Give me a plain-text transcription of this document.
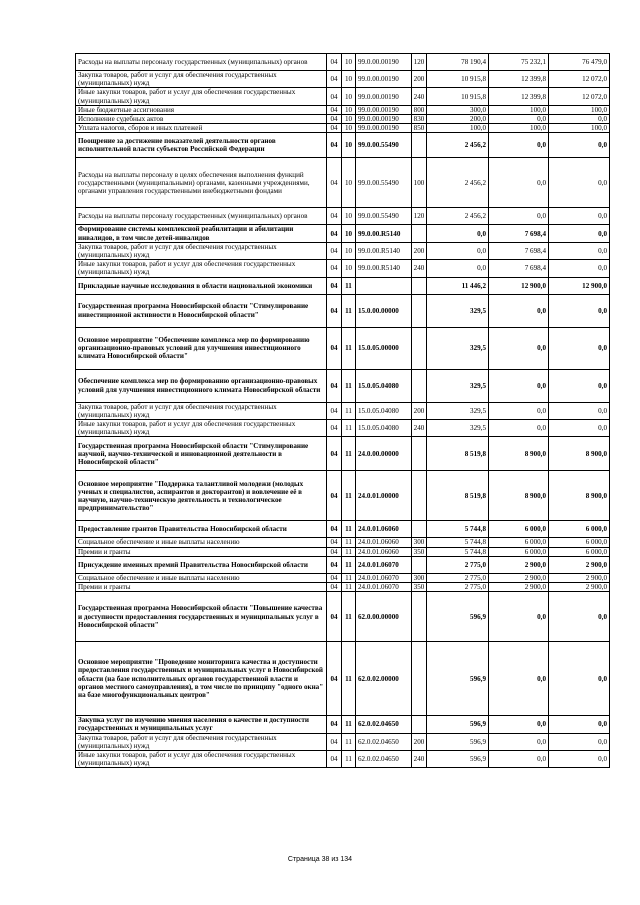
Расходы на выплаты персоналу государственных (муниципальных) органов	04	10	99.0.00.00190	120	78 190,4	75 232,1	76 479,0
Закупка товаров, работ и услуг для обеспечения государственных (муниципальных) нужд	04	10	99.0.00.00190	200	10 915,8	12 399,8	12 072,0
Иные закупки товаров, работ и услуг для обеспечения государственных (муниципальных) нужд	04	10	99.0.00.00190	240	10 915,8	12 399,8	12 072,0
Иные бюджетные ассигнования	04	10	99.0.00.00190	800	300,0	100,0	100,0
Исполнение судебных актов	04	10	99.0.00.00190	830	200,0	0,0	0,0
Уплата налогов, сборов и иных платежей	04	10	99.0.00.00190	850	100,0	100,0	100,0
Поощрение за достижение показателей деятельности органов исполнительной власти субъектов Российской Федерации	04	10	99.0.00.55490		2 456,2	0,0	0,0
Расходы на выплаты персоналу в целях обеспечения выполнения функций государственными (муниципальными) органами, казенными учреждениями, органами управления государственными внебюджетными фондами	04	10	99.0.00.55490	100	2 456,2	0,0	0,0
Расходы на выплаты персоналу государственных (муниципальных) органов	04	10	99.0.00.55490	120	2 456,2	0,0	0,0
Формирование системы комплексной реабилитации и абилитации инвалидов, в том числе детей-инвалидов	04	10	99.0.00.R5140		0,0	7 698,4	0,0
Закупка товаров, работ и услуг для обеспечения государственных (муниципальных) нужд	04	10	99.0.00.R5140	200	0,0	7 698,4	0,0
Иные закупки товаров, работ и услуг для обеспечения государственных (муниципальных) нужд	04	10	99.0.00.R5140	240	0,0	7 698,4	0,0
Прикладные научные исследования в области национальной экономики	04	11			11 446,2	12 900,0	12 900,0
Государственная программа Новосибирской области "Стимулирование инвестиционной активности в Новосибирской области"	04	11	15.0.00.00000		329,5	0,0	0,0
Основное мероприятие "Обеспечение комплекса мер по формированию организационно-правовых условий для улучшения инвестиционного климата Новосибирской области"	04	11	15.0.05.00000		329,5	0,0	0,0
Обеспечение комплекса мер по формированию организационно-правовых условий для улучшения инвестиционного климата Новосибирской области	04	11	15.0.05.04080		329,5	0,0	0,0
Закупка товаров, работ и услуг для обеспечения государственных (муниципальных) нужд	04	11	15.0.05.04080	200	329,5	0,0	0,0
Иные закупки товаров, работ и услуг для обеспечения государственных (муниципальных) нужд	04	11	15.0.05.04080	240	329,5	0,0	0,0
Государственная программа Новосибирской области "Стимулирование научной, научно-технической и инновационной деятельности в Новосибирской области"	04	11	24.0.00.00000		8 519,8	8 900,0	8 900,0
Основное мероприятие "Поддержка талантливой молодежи (молодых ученых и специалистов, аспирантов и докторантов) и вовлечение её в научную, научно-техническую деятельность и технологическое предпринимательство"	04	11	24.0.01.00000		8 519,8	8 900,0	8 900,0
Предоставление грантов Правительства Новосибирской области	04	11	24.0.01.06060		5 744,8	6 000,0	6 000,0
Социальное обеспечение и иные выплаты населению	04	11	24.0.01.06060	300	5 744,8	6 000,0	6 000,0
Премии и гранты	04	11	24.0.01.06060	350	5 744,8	6 000,0	6 000,0
Присуждение именных премий Правительства Новосибирской области	04	11	24.0.01.06070		2 775,0	2 900,0	2 900,0
Социальное обеспечение и иные выплаты населению	04	11	24.0.01.06070	300	2 775,0	2 900,0	2 900,0
Премии и гранты	04	11	24.0.01.06070	350	2 775,0	2 900,0	2 900,0
Государственная программа Новосибирской области "Повышение качества и доступности предоставления государственных и муниципальных услуг в Новосибирской области"	04	11	62.0.00.00000		596,9	0,0	0,0
Основное мероприятие "Проведение мониторинга качества и доступности предоставления государственных и муниципальных услуг в Новосибирской области (на базе исполнительных органов государственной власти и органов местного самоуправления), в том числе по принципу "одного окна" на базе многофункциональных центров"	04	11	62.0.02.00000		596,9	0,0	0,0
Закупка услуг по изучению мнения населения о качестве и доступности государственных и муниципальных услуг	04	11	62.0.02.04650		596,9	0,0	0,0
Закупка товаров, работ и услуг для обеспечения государственных (муниципальных) нужд	04	11	62.0.02.04650	200	596,9	0,0	0,0
Иные закупки товаров, работ и услуг для обеспечения государственных (муниципальных) нужд	04	11	62.0.02.04650	240	596,9	0,0	0,0
Страница 38 из 134
